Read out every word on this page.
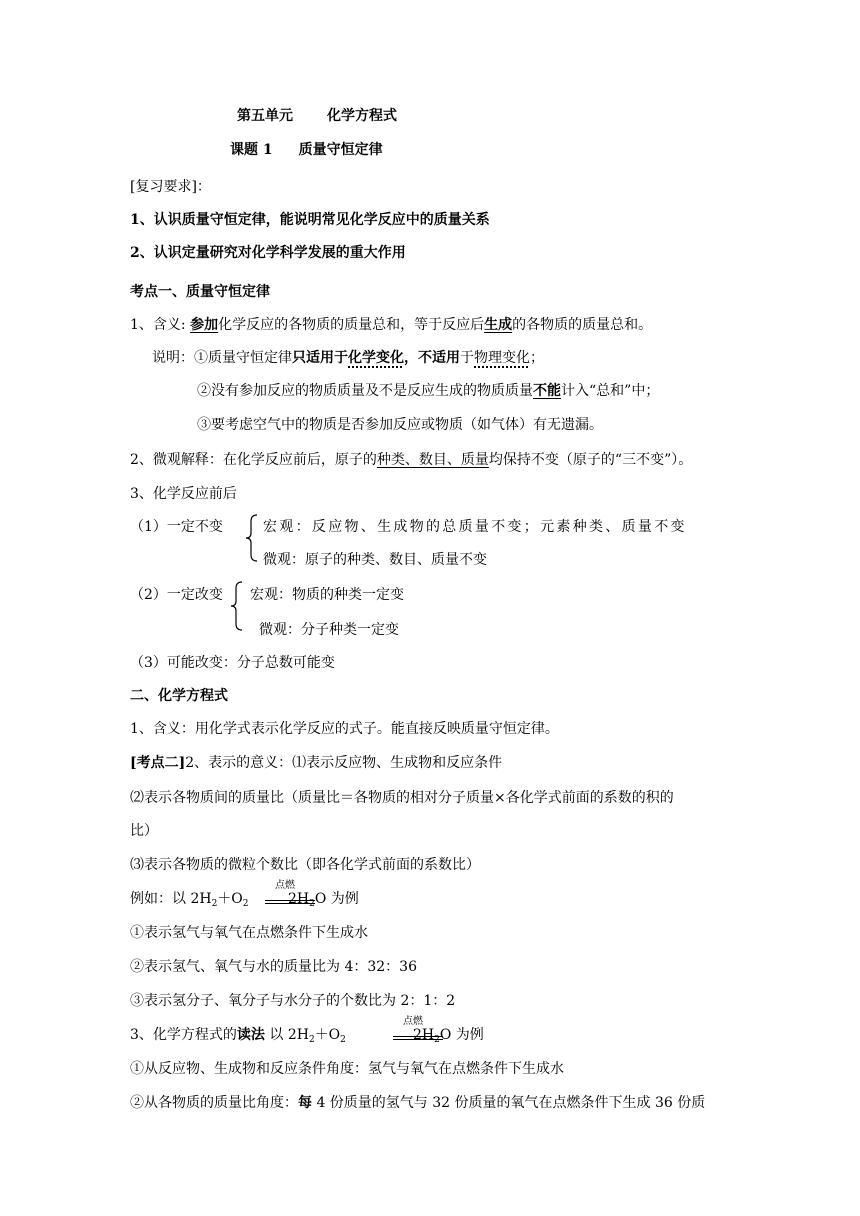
第五单元 化学方程式
课题 1 质量守恒定律
[复习要求]：
1、认识质量守恒定律，能说明常见化学反应中的质量关系
2、认识定量研究对化学科学发展的重大作用
考点一、质量守恒定律
1、含义: 参加化学反应的各物质的质量总和，等于反应后生成的各物质的质量总和。
说明：①质量守恒定律只适用于化学变化，不适用于物理变化；
②没有参加反应的物质质量及不是反应生成的物质质量不能计入“总和”中；
③要考虑空气中的物质是否参加反应或物质（如气体）有无遗漏。
2、微观解释：在化学反应前后，原子的种类、数目、质量均保持不变（原子的“三不变”）。
3、化学反应前后
（1）一定不变	宏观：反应物、生成物的总质量不变；元素种类、质量不变
微观：原子的种类、数目、质量不变
（2）一定改变 宏观：物质的种类一定变
微观：分子种类一定变
（3）可能改变：分子总数可能变
二、化学方程式
1、含义：用化学式表示化学反应的式子。能直接反映质量守恒定律。
[考点二]2、表示的意义：⑴表示反应物、生成物和反应条件
⑵表示各物质间的质量比（质量比＝各物质的相对分子质量×各化学式前面的系数的积的
比）
⑶表示各物质的微粒个数比（即各化学式前面的系数比）
例如：以 $2H_2+O_2$
点燃
$2H_2O$ 为例
①表示氢气与氧气在点燃条件下生成水
②表示氢气、氧气与水的质量比为 4：32：36
③表示氢分子、氧分子与水分子的个数比为 2：1：2
3、化学方程式的读法 以 $2H_2+O_2$
点燃
$2H_2O$ 为例
①从反应物、生成物和反应条件角度：氢气与氧气在点燃条件下生成水
②从各物质的质量比角度：每 4 份质量的氢气与 32 份质量的氧气在点燃条件下生成 36 份质
